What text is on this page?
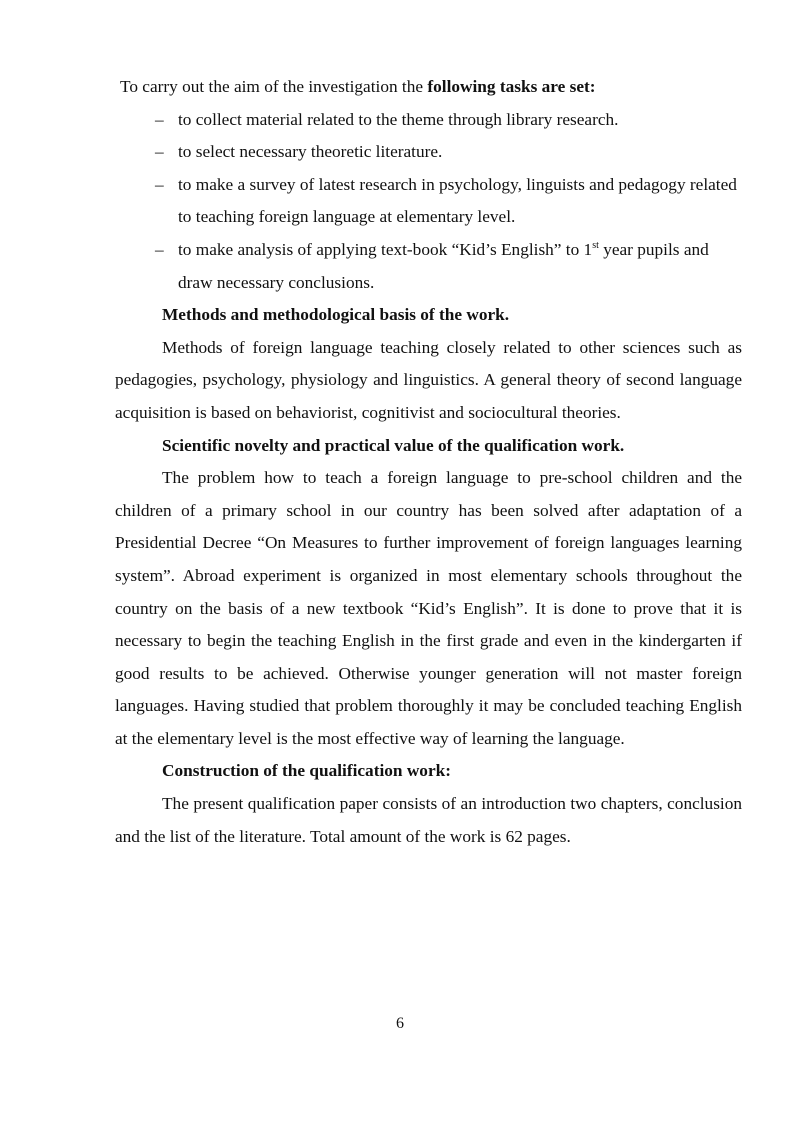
To carry out the aim of the investigation the following tasks are set:

– to collect material related to the theme through library research.
– to select necessary theoretic literature.
– to make a survey of latest research in psychology, linguists and pedagogy related to teaching foreign language at elementary level.
– to make analysis of applying text-book “Kid’s English” to 1st year pupils and draw necessary conclusions.

Methods and methodological basis of the work.

Methods of foreign language teaching closely related to other sciences such as pedagogies, psychology, physiology and linguistics. A general theory of second language acquisition is based on behaviorist, cognitivist and sociocultural theories.

Scientific novelty and practical value of the qualification work.

The problem how to teach a foreign language to pre-school children and the children of a primary school in our country has been solved after adaptation of a Presidential Decree “On Measures to further improvement of foreign languages learning system”. Abroad experiment is organized in most elementary schools throughout the country on the basis of a new textbook “Kid’s English”. It is done to prove that it is necessary to begin the teaching English in the first grade and even in the kindergarten if good results to be achieved. Otherwise younger generation will not master foreign languages. Having studied that problem thoroughly it may be concluded teaching English at the elementary level is the most effective way of learning the language.

Construction of the qualification work:

The present qualification paper consists of an introduction two chapters, conclusion and the list of the literature. Total amount of the work is 62 pages.

6
